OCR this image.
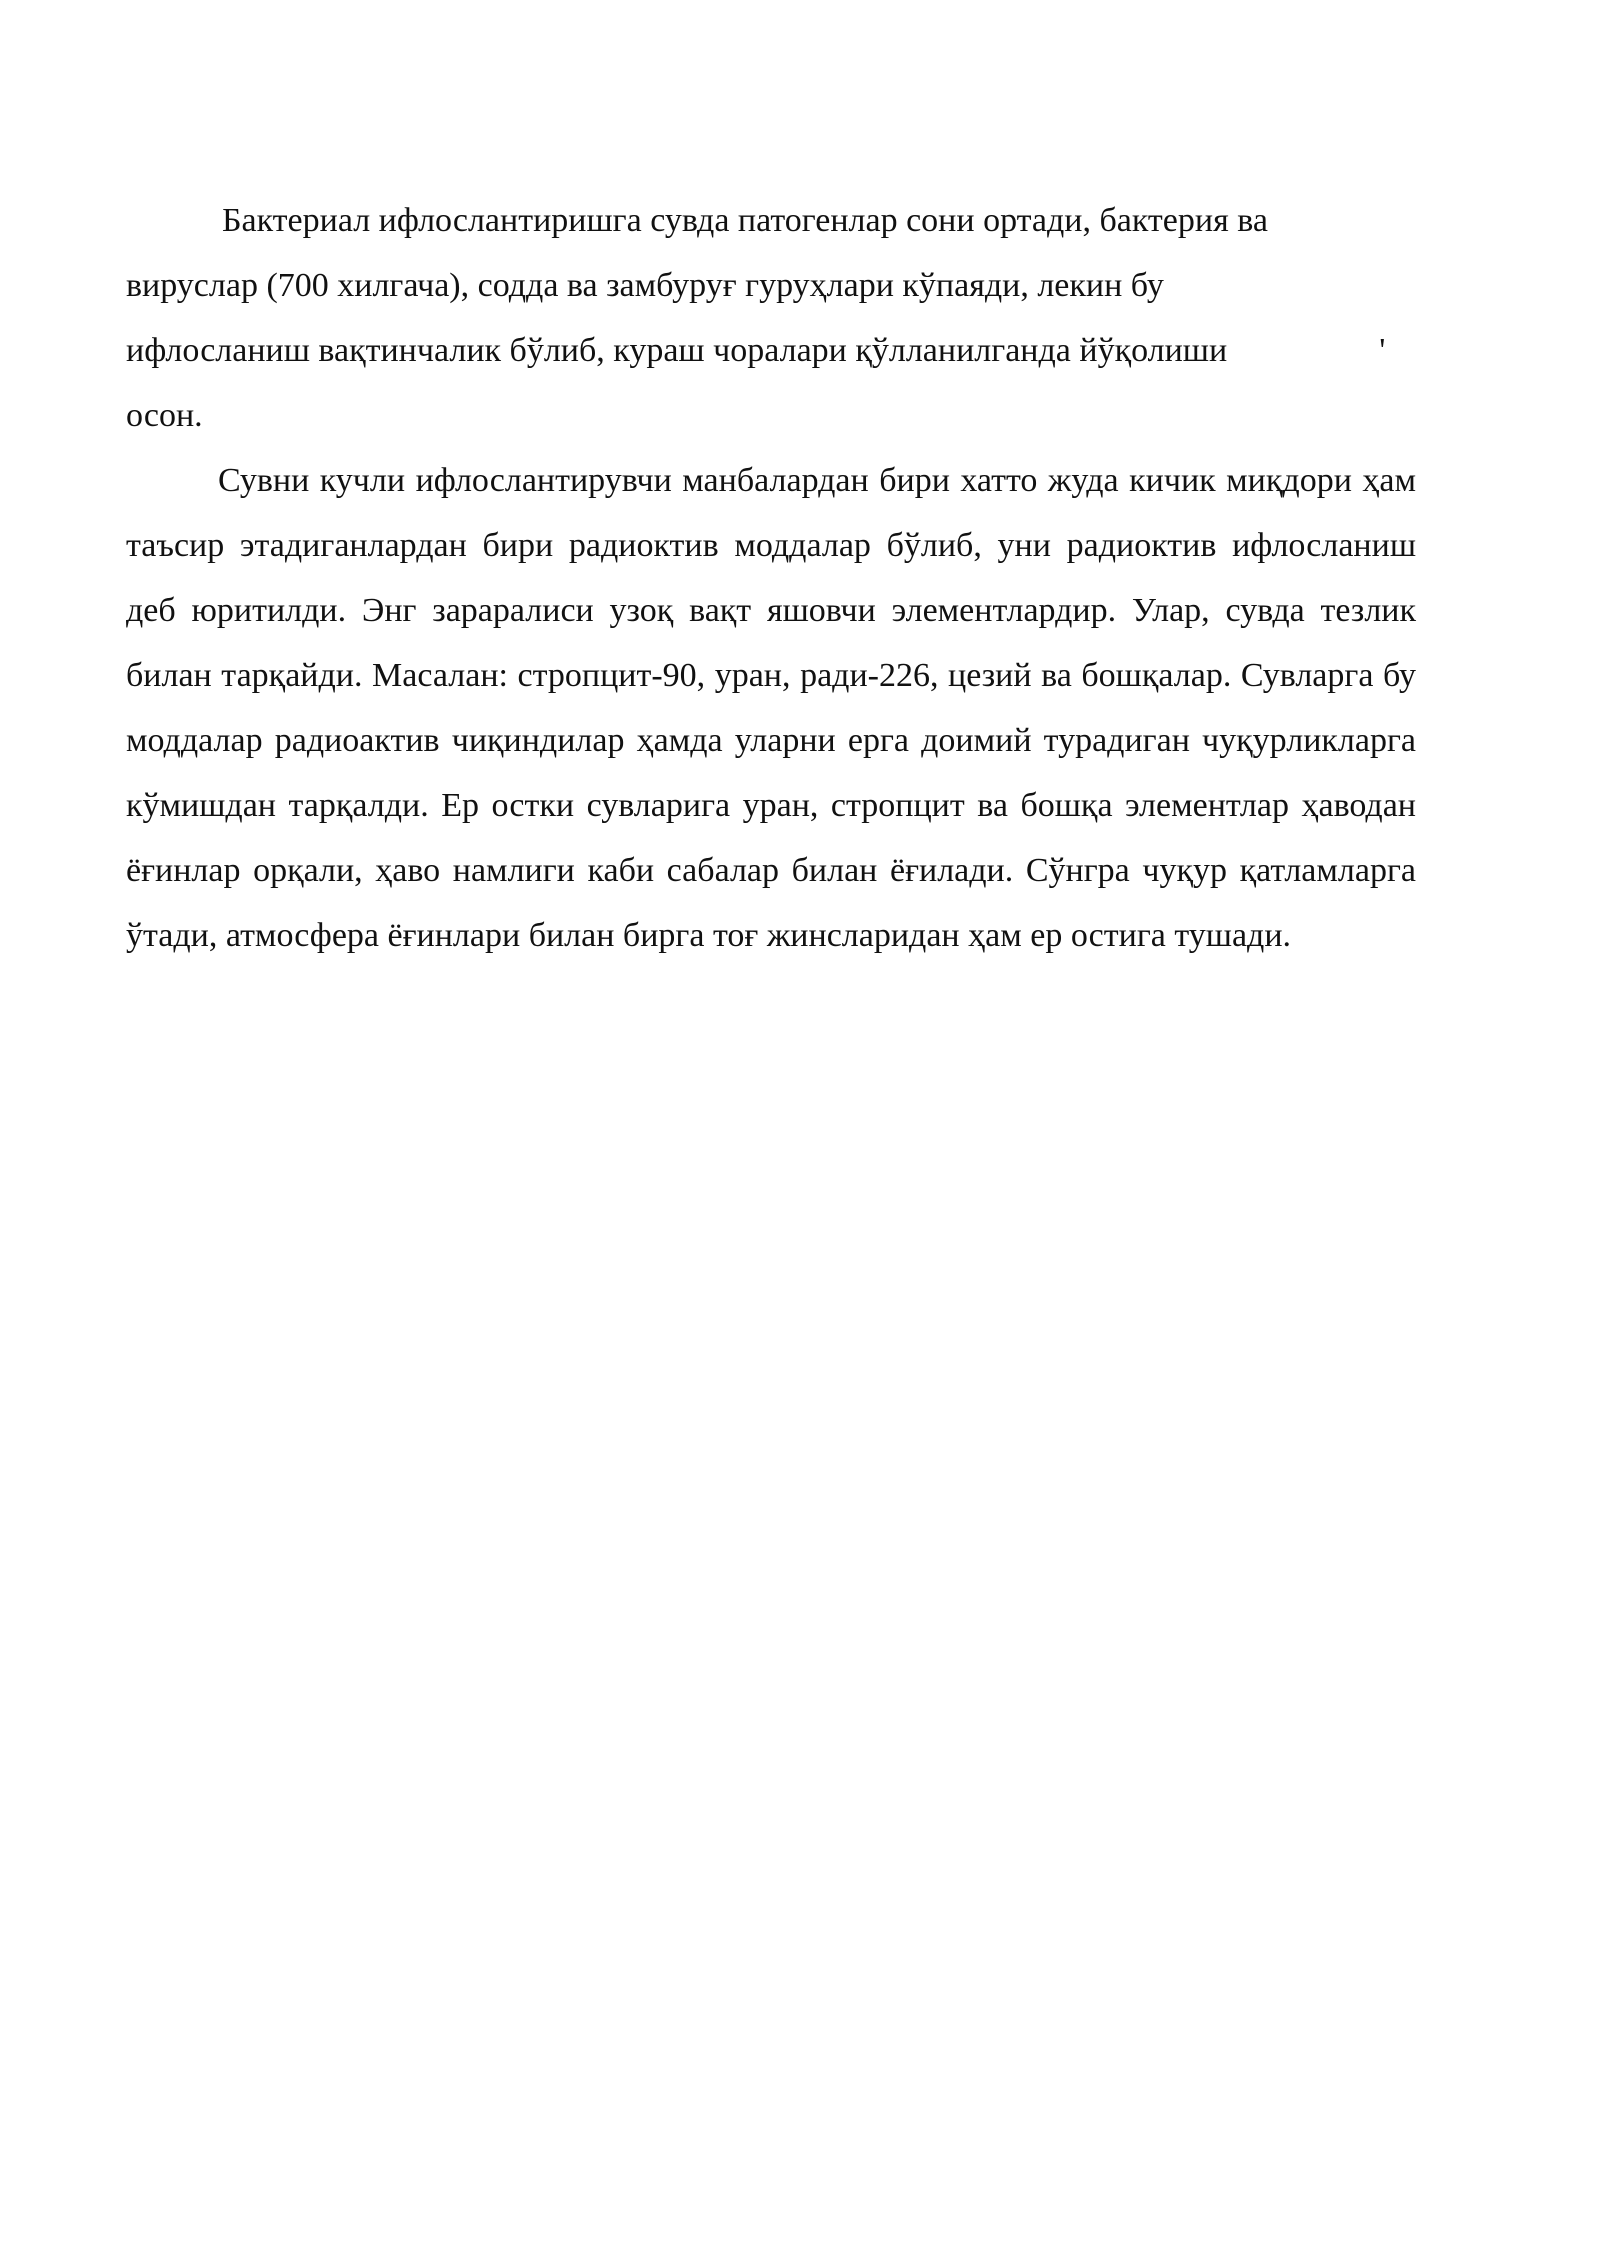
Бактериал ифлослантиришга сувда патогенлар сони ортади, бактерия ва
вируслар (700 хилгача), содда ва замбуруғ гуруҳлари кўпаяди, лекин бу
ифлосланиш вақтинчалик бўлиб, кураш чоралари қўлланилганда йўқолиши	'
осон.

Сувни кучли ифлослантирувчи манбалардан бири хатто жуда кичик миқдори ҳам таъсир этадиганлардан бири радиоктив моддалар бўлиб, уни радиоктив ифлосланиш деб юритилди. Энг зараралиси узоқ вақт яшовчи элементлардир. Улар, сувда тезлик билан тарқайди. Масалан: стропцит-90, уран, ради-226, цезий ва бошқалар. Сувларга бу моддалар радиоактив чиқиндилар ҳамда уларни ерга доимий турадиган чуқурликларга кўмишдан тарқалди. Ер остки сувларига уран, стропцит ва бошқа элементлар ҳаводан ёғинлар орқали, ҳаво намлиги каби сабалар билан ёғилади. Сўнгра чуқур қатламларга ўтади, атмосфера ёғинлари билан бирга тоғ жинсларидан ҳам ер остига тушади.
